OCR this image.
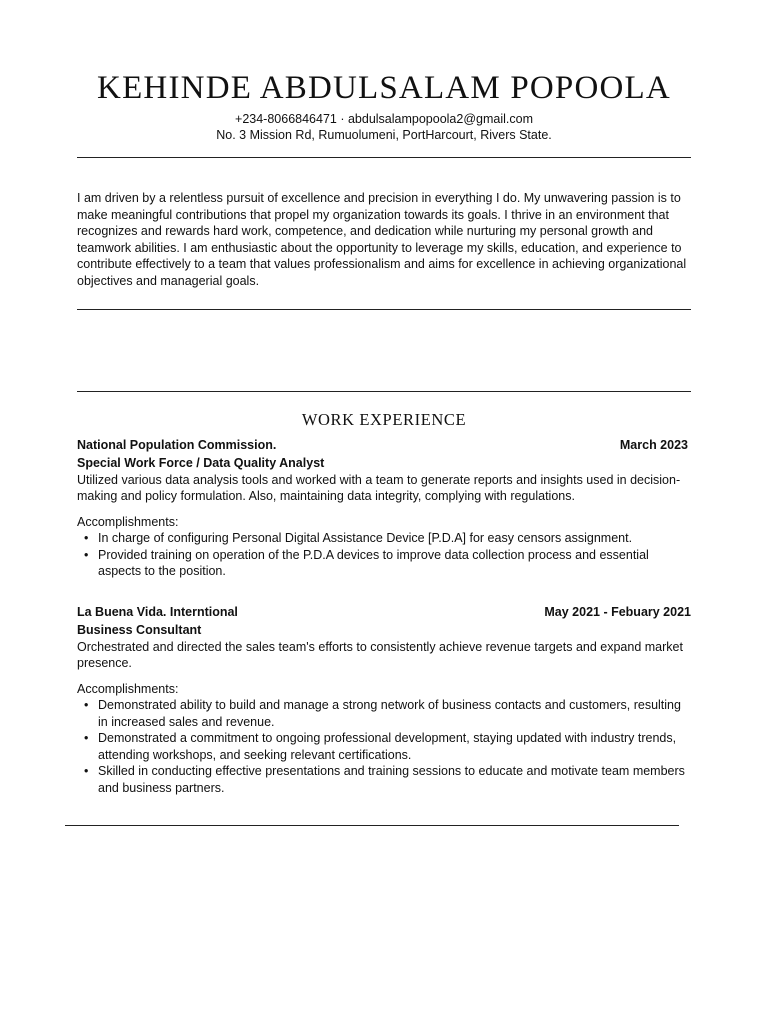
KEHINDE ABDULSALAM POPOOLA
+234-8066846471 · abdulsalampopoola2@gmail.com
No. 3 Mission Rd, Rumuolumeni, PortHarcourt, Rivers State.

I am driven by a relentless pursuit of excellence and precision in everything I do. My unwavering passion is to make meaningful contributions that propel my organization towards its goals. I thrive in an environment that recognizes and rewards hard work, competence, and dedication while nurturing my personal growth and teamwork abilities. I am enthusiastic about the opportunity to leverage my skills, education, and experience to contribute effectively to a team that values professionalism and aims for excellence in achieving organizational objectives and managerial goals.

WORK EXPERIENCE
National Population Commission.	March 2023
Special Work Force / Data Quality Analyst

Utilized various data analysis tools and worked with a team to generate reports and insights used in decision-making and policy formulation. Also, maintaining data integrity, complying with regulations.

Accomplishments:
• In charge of configuring Personal Digital Assistance Device [P.D.A] for easy censors assignment.
• Provided training on operation of the P.D.A devices to improve data collection process and essential aspects to the position.
La Buena Vida. Interntional	May 2021 - Febuary 2021
Business Consultant

Orchestrated and directed the sales team's efforts to consistently achieve revenue targets and expand market presence.

Accomplishments:
• Demonstrated ability to build and manage a strong network of business contacts and customers, resulting in increased sales and revenue.
• Demonstrated a commitment to ongoing professional development, staying updated with industry trends, attending workshops, and seeking relevant certifications.
• Skilled in conducting effective presentations and training sessions to educate and motivate team members and business partners.
